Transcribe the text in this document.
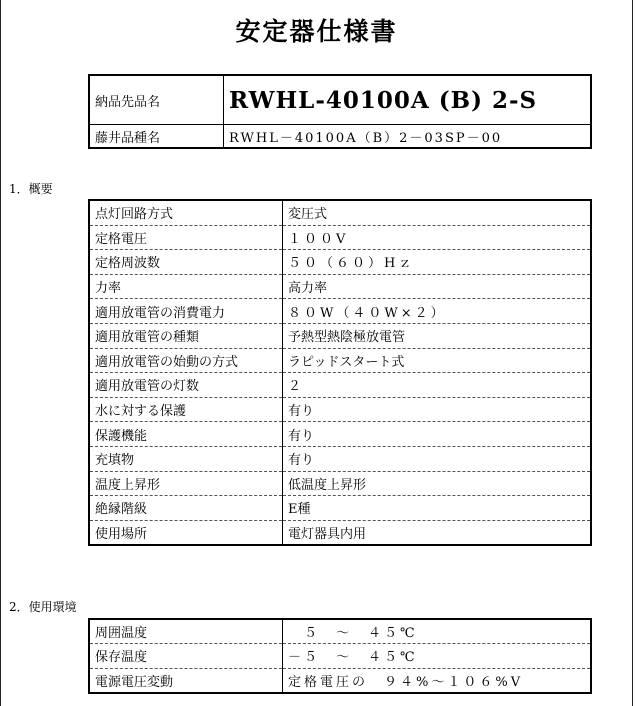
安定器仕様書
納品先品名	RWHL-40100A (B) 2-S
藤井品種名	RWHL－40100A（B）2－03SP－00
1．概要
点灯回路方式	変圧式
定格電圧	１００V
定格周波数	５０（６０）Hｚ
力率	高力率
適用放電管の消費電力	８０W（４０W×２）
適用放電管の種類	予熱型熱陰極放電管
適用放電管の始動の方式	ラピッドスタート式
適用放電管の灯数	２
水に対する保護	有り
保護機能	有り
充填物	有り
温度上昇形	低温度上昇形
絶縁階級	E種
使用場所	電灯器具内用
2．使用環境
周囲温度	　５　～　４５℃
保存温度	－５　～　４５℃
電源電圧変動	定格電圧の　９４%～１０６%V
